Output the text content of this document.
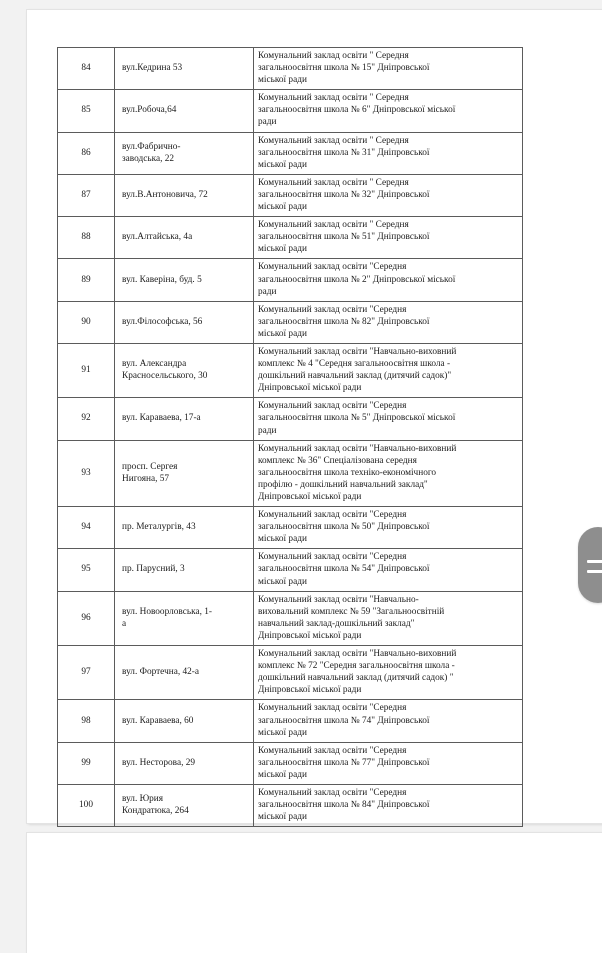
84	вул.Кедрина 53	Комунальний заклад освіти " Середня
загальноосвітня школа № 15" Дніпровської
міської ради

85	вул.Робоча,64	Комунальний заклад освіти " Середня
загальноосвітня школа № 6" Дніпровської міської
ради

86	вул.Фабрично-
заводська, 22	Комунальний заклад освіти " Середня
загальноосвітня школа № 31" Дніпровської
міської ради

87	вул.В.Антоновича, 72	Комунальний заклад освіти " Середня
загальноосвітня школа № 32" Дніпровської
міської ради

88	вул.Алтайська, 4а	Комунальний заклад освіти " Середня
загальноосвітня школа № 51" Дніпровської
міської ради

89	вул. Каверіна, буд. 5	Комунальний заклад освіти "Середня
загальноосвітня школа № 2" Дніпровської міської
ради

90	вул.Філософська, 56	Комунальний заклад освіти "Середня
загальноосвітня школа № 82" Дніпровської
міської ради

91	вул. Александра
Красносельського, 30	Комунальний заклад освіти "Навчально-виховний
комплекс № 4 "Середня загальноосвітня школа -
дошкільний навчальний заклад (дитячий садок)"
Дніпровської міської ради

92	вул. Караваева, 17-а	Комунальний заклад освіти "Середня
загальноосвітня школа № 5" Дніпровської міської
ради

93	просп. Сергея
Нигояна, 57	Комунальний заклад освіти "Навчально-виховний
комплекс № 36" Спеціалізована середня
загальноосвітня школа техніко-економічного
профілю - дошкільний навчальний заклад"
Дніпровської міської ради

94	пр. Металургів, 43	Комунальний заклад освіти "Середня
загальноосвітня школа № 50" Дніпровської
міської ради

95	пр. Парусний, 3	Комунальний заклад освіти "Середня
загальноосвітня школа № 54" Дніпровської
міської ради

96	вул. Новоорловська, 1-
а	Комунальний заклад освіти "Навчально-
виховальний комплекс № 59 "Загальноосвітній
навчальний заклад-дошкільний заклад"
Дніпровської міської ради

97	вул. Фортечна, 42-а	Комунальний заклад освіти "Навчально-виховний
комплекс № 72 "Середня загальноосвітня школа -
дошкільний навчальний заклад (дитячий садок) "
Дніпровської міської ради

98	вул. Караваева, 60	Комунальний заклад освіти "Середня
загальноосвітня школа № 74" Дніпровської
міської ради

99	вул. Несторова, 29	Комунальний заклад освіти "Середня
загальноосвітня школа № 77" Дніпровської
міської ради

100	вул. Юрия
Кондратюка, 264	Комунальний заклад освіти "Середня
загальноосвітня школа № 84" Дніпровської
міської ради
